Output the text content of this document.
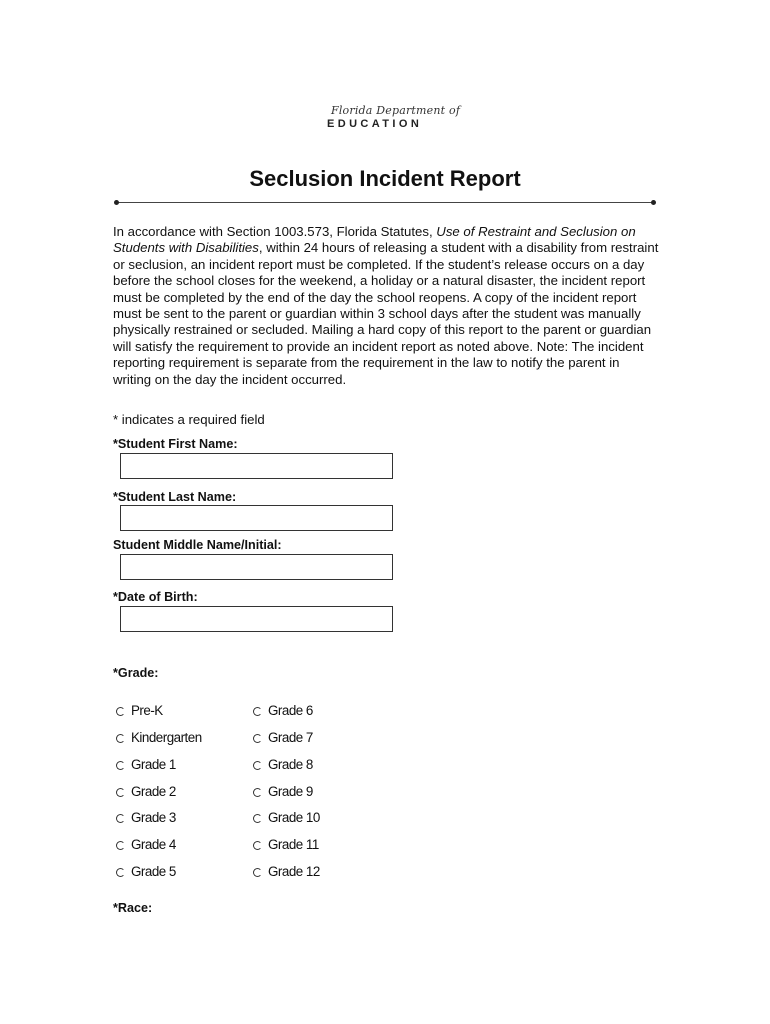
Florida Department of
EDUCATION
Seclusion Incident Report
In accordance with Section 1003.573, Florida Statutes, Use of Restraint and Seclusion on Students with Disabilities, within 24 hours of releasing a student with a disability from restraint or seclusion, an incident report must be completed. If the student’s release occurs on a day before the school closes for the weekend, a holiday or a natural disaster, the incident report must be completed by the end of the day the school reopens. A copy of the incident report must be sent to the parent or guardian within 3 school days after the student was manually physically restrained or secluded. Mailing a hard copy of this report to the parent or guardian will satisfy the requirement to provide an incident report as noted above. Note: The incident reporting requirement is separate from the requirement in the law to notify the parent in writing on the day the incident occurred.
* indicates a required field
*Student First Name:
*Student Last Name:
Student Middle Name/Initial:
*Date of Birth:
*Grade:
Pre-K
Kindergarten
Grade 1
Grade 2
Grade 3
Grade 4
Grade 5
Grade 6
Grade 7
Grade 8
Grade 9
Grade 10
Grade 11
Grade 12
*Race:
